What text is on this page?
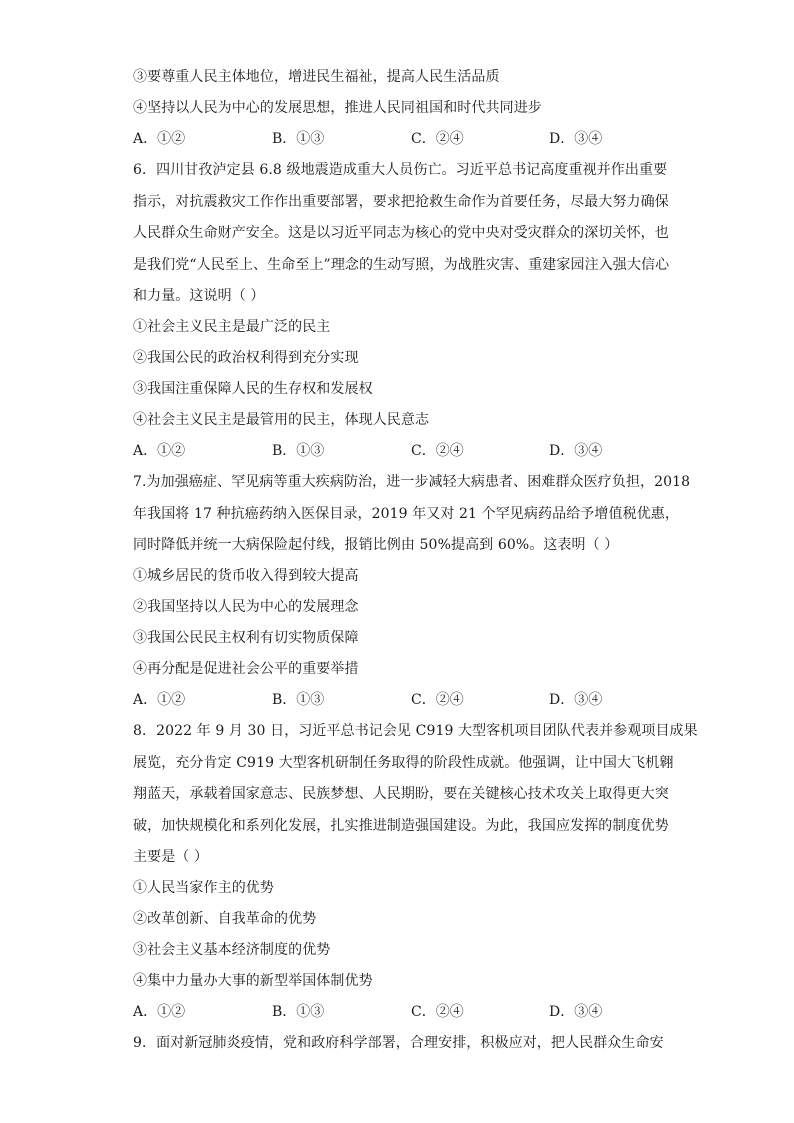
③要尊重人民主体地位，增进民生福祉，提高人民生活品质
④坚持以人民为中心的发展思想，推进人民同祖国和时代共同进步
A．①②	B．①③	C．②④	D．③④
6．四川甘孜泸定县 6.8 级地震造成重大人员伤亡。习近平总书记高度重视并作出重要
指示，对抗震救灾工作作出重要部署，要求把抢救生命作为首要任务，尽最大努力确保
人民群众生命财产安全。这是以习近平同志为核心的党中央对受灾群众的深切关怀，也
是我们党“人民至上、生命至上”理念的生动写照，为战胜灾害、重建家园注入强大信心
和力量。这说明（ ）
①社会主义民主是最广泛的民主
②我国公民的政治权利得到充分实现
③我国注重保障人民的生存权和发展权
④社会主义民主是最管用的民主，体现人民意志
A．①②	B．①③	C．②④	D．③④
7.为加强癌症、罕见病等重大疾病防治，进一步减轻大病患者、困难群众医疗负担，2018
年我国将 17 种抗癌药纳入医保目录，2019 年又对 21 个罕见病药品给予增值税优惠，
同时降低并统一大病保险起付线，报销比例由 50%提高到 60%。这表明（ ）
①城乡居民的货币收入得到较大提高
②我国坚持以人民为中心的发展理念
③我国公民民主权利有切实物质保障
④再分配是促进社会公平的重要举措
A．①②	B．①③	C．②④	D．③④
8．2022 年 9 月 30 日，习近平总书记会见 C919 大型客机项目团队代表并参观项目成果
展览，充分肯定 C919 大型客机研制任务取得的阶段性成就。他强调，让中国大飞机翱
翔蓝天，承载着国家意志、民族梦想、人民期盼，要在关键核心技术攻关上取得更大突
破，加快规模化和系列化发展，扎实推进制造强国建设。为此，我国应发挥的制度优势
主要是（ ）
①人民当家作主的优势
②改革创新、自我革命的优势
③社会主义基本经济制度的优势
④集中力量办大事的新型举国体制优势
A．①②	B．①③	C．②④	D．③④
9．面对新冠肺炎疫情，党和政府科学部署，合理安排，积极应对，把人民群众生命安
